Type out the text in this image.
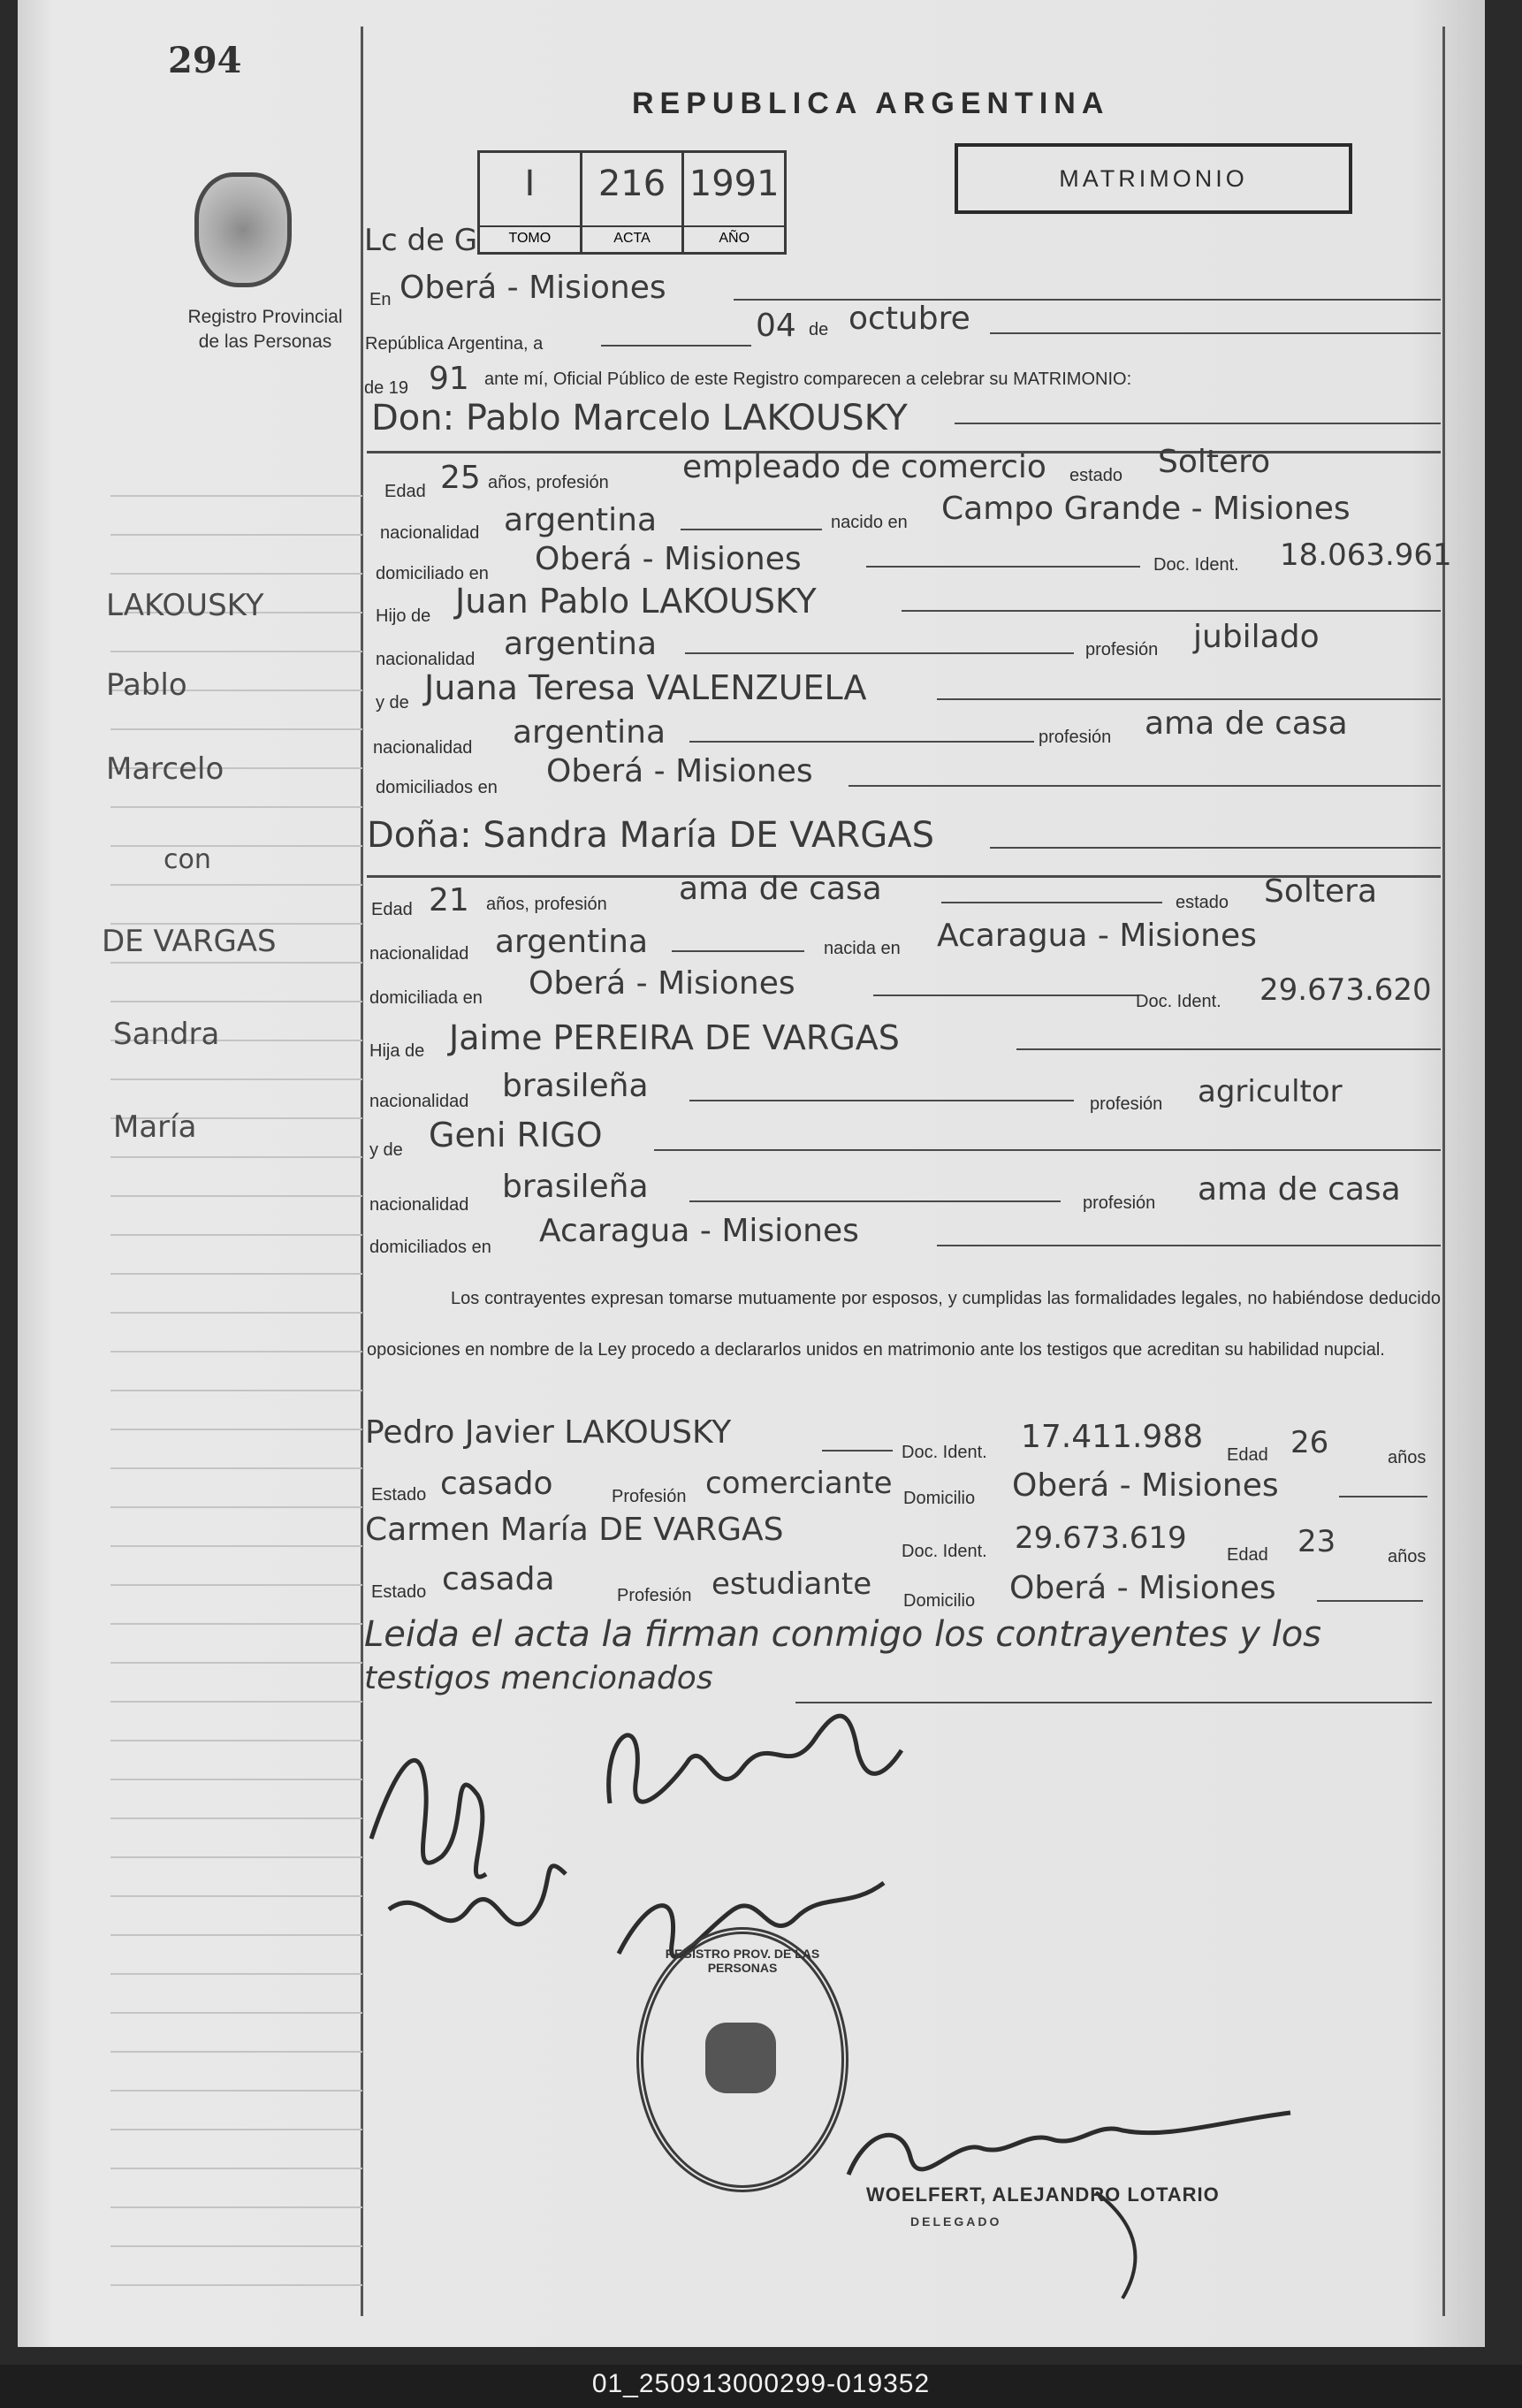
294
Registro Provincial
de las Personas
LAKOUSKY
Pablo
Marcelo
con
DE VARGAS
Sandra
María
REPUBLICA ARGENTINA
MATRIMONIO
Lc de G
I
TOMO
216
ACTA
1991
AÑO
En Oberá - Misiones
República Argentina, a	04 de octubre
de 19 91 ante mí, Oficial Público de este Registro comparecen a celebrar su MATRIMONIO:
Don: Pablo Marcelo LAKOUSKY
Edad 25 años, profesión empleado de comercio estado Soltero
nacionalidad argentina	nacido en Campo Grande - Misiones
domiciliado en Oberá - Misiones	Doc. Ident. 18.063.961
Hijo de Juan Pablo LAKOUSKY
nacionalidad argentina	profesión jubilado
y de Juana Teresa VALENZUELA
nacionalidad argentina	profesión ama de casa
domiciliados en Oberá - Misiones
Doña: Sandra María DE VARGAS
Edad 21 años, profesión ama de casa	estado Soltera
nacionalidad argentina	nacida en Acaragua - Misiones
domiciliada en Oberá - Misiones	Doc. Ident. 29.673.620
Hija de Jaime PEREIRA DE VARGAS
nacionalidad brasileña	profesión agricultor
y de Geni RIGO
nacionalidad brasileña	profesión ama de casa
domiciliados en Acaragua - Misiones
Los contrayentes expresan tomarse mutuamente por esposos, y cumplidas las formalidades legales, no habiéndose deducido oposiciones en nombre de la Ley procedo a declararlos unidos en matrimonio ante los testigos que acreditan su habilidad nupcial.
Pedro Javier LAKOUSKY
Doc. Ident. 17.411.988 Edad 26	años
Estado casado	Profesión comerciante Domicilio Oberá - Misiones
Carmen María DE VARGAS
Doc. Ident. 29.673.619 Edad 23	años
Estado casada	Profesión estudiante Domicilio Oberá - Misiones
Leida el acta la firman conmigo los contrayentes y los
testigos mencionados
REGISTRO PROV. DE LAS PERSONAS
WOELFERT, ALEJANDRO LOTARIO
DELEGADO
01_250913000299-019352
